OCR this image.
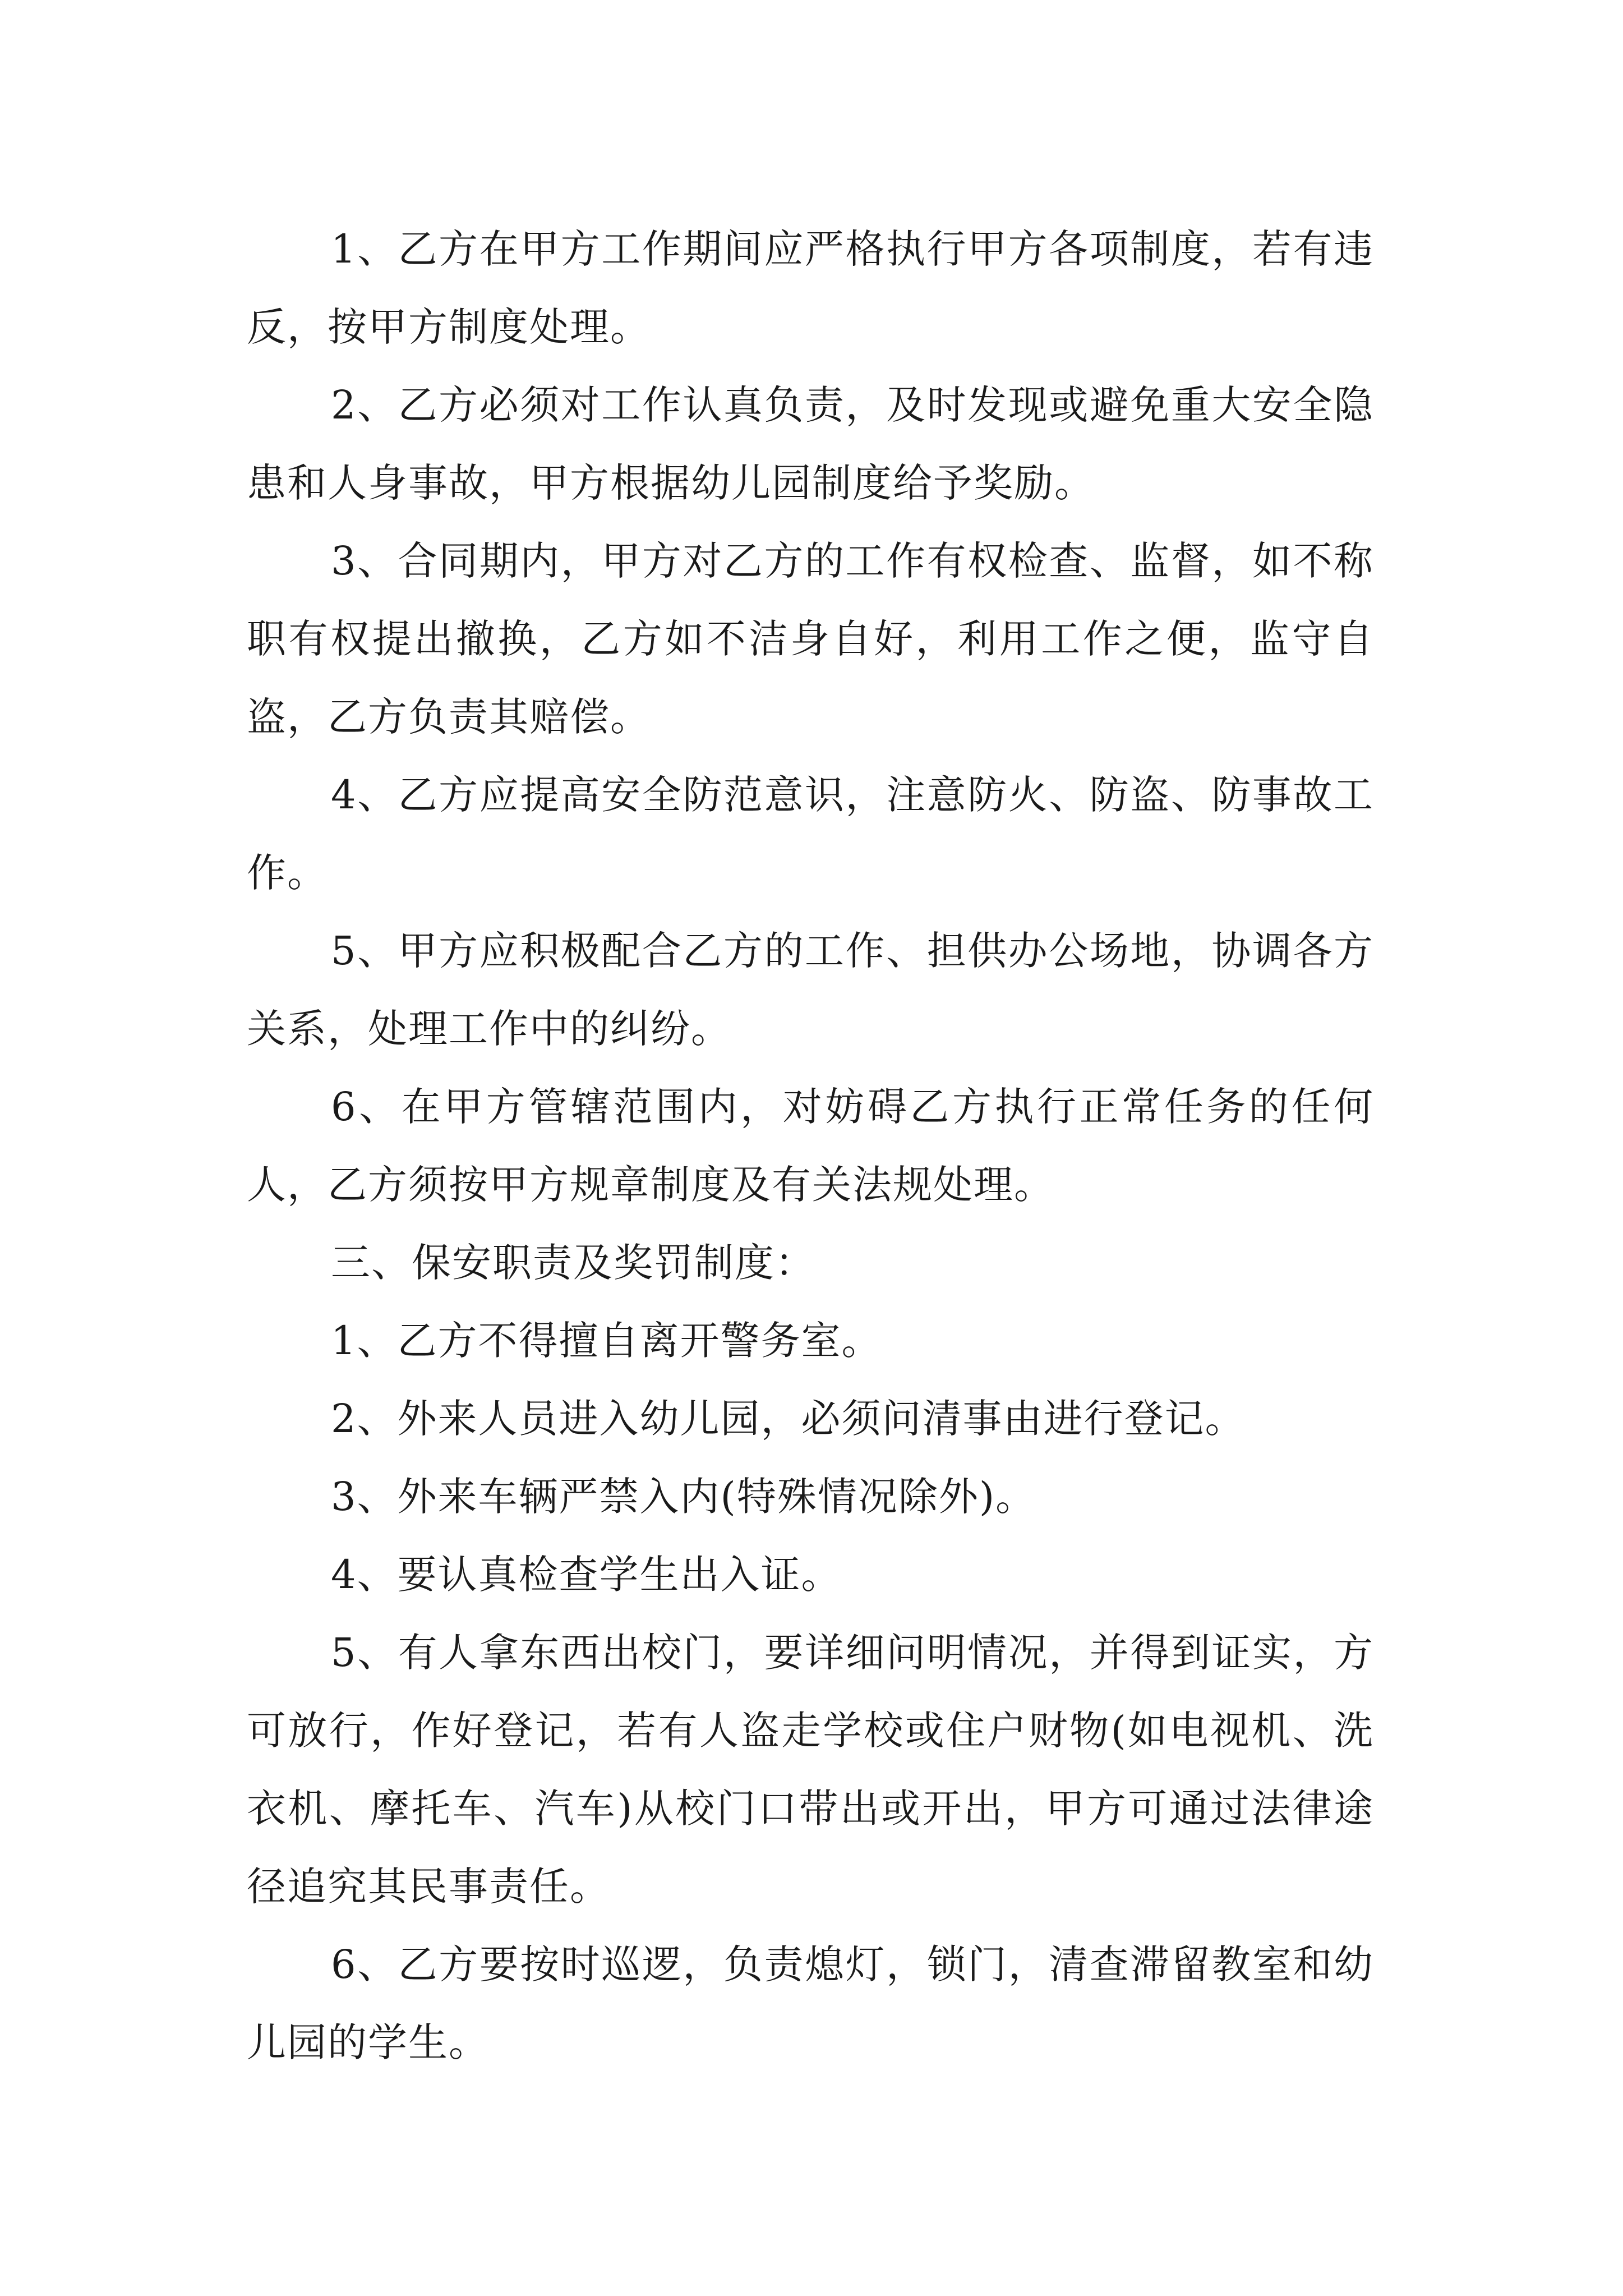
1、乙方在甲方工作期间应严格执行甲方各项制度，若有违反，按甲方制度处理。

2、乙方必须对工作认真负责，及时发现或避免重大安全隐患和人身事故，甲方根据幼儿园制度给予奖励。

3、合同期内，甲方对乙方的工作有权检查、监督，如不称职有权提出撤换，乙方如不洁身自好，利用工作之便，监守自盗，乙方负责其赔偿。

4、乙方应提高安全防范意识，注意防火、防盗、防事故工作。

5、甲方应积极配合乙方的工作、担供办公场地，协调各方关系，处理工作中的纠纷。

6、在甲方管辖范围内，对妨碍乙方执行正常任务的任何人，乙方须按甲方规章制度及有关法规处理。

三、保安职责及奖罚制度：

1、乙方不得擅自离开警务室。

2、外来人员进入幼儿园，必须问清事由进行登记。

3、外来车辆严禁入内(特殊情况除外)。

4、要认真检查学生出入证。

5、有人拿东西出校门，要详细问明情况，并得到证实，方可放行，作好登记，若有人盗走学校或住户财物(如电视机、洗衣机、摩托车、汽车)从校门口带出或开出，甲方可通过法律途径追究其民事责任。

6、乙方要按时巡逻，负责熄灯，锁门，清查滞留教室和幼儿园的学生。
